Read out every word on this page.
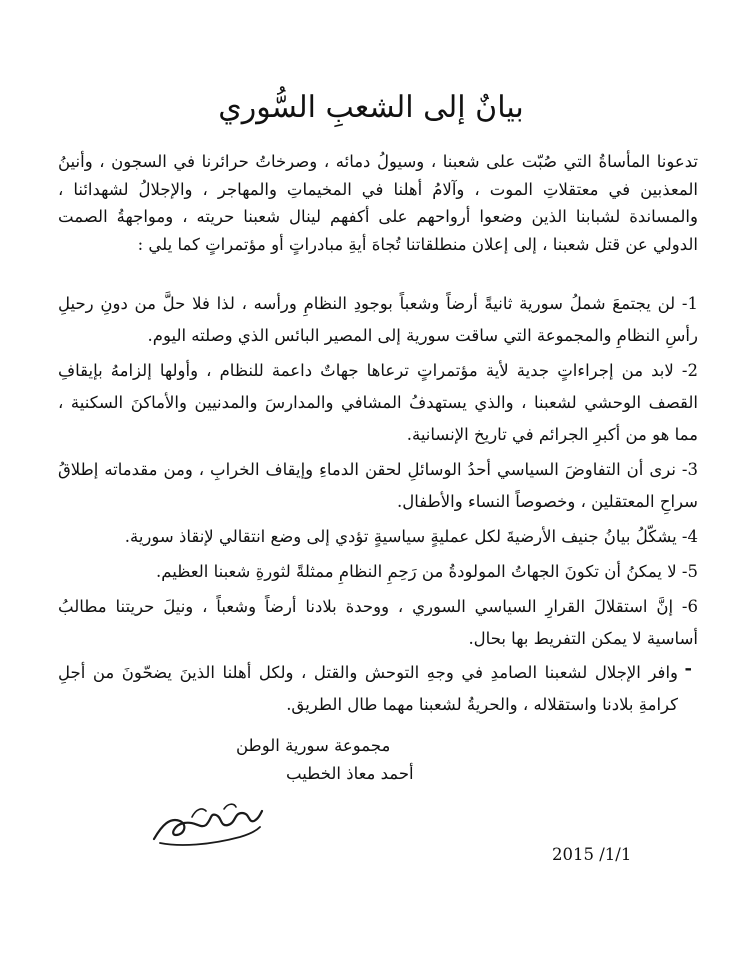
بيانٌ إلى الشعبِ السُّوري
تدعونا المأساةُ التي صُبّت على شعبنا ، وسيولُ دمائه ، وصرخاتُ حرائرنا في السجون ، وأنينُ المعذبين في معتقلاتِ الموت ، وآلامُ أهلنا في المخيماتِ والمهاجر ، والإجلالُ لشهدائنا ، والمساندة لشبابنا الذين وضعوا أرواحهم على أكفهم لينال شعبنا حريته ، ومواجهةُ الصمت الدولي عن قتل شعبنا ، إلى إعلان منطلقاتنا تُجاهَ أيةِ مبادراتٍ أو مؤتمراتٍ كما يلي :
1- لن يجتمعَ شملُ سورية ثانيةً أرضاً وشعباً بوجودِ النظامِ ورأسه ، لذا فلا حلَّ من دونِ رحيلِ رأسِ النظامِ والمجموعة التي ساقت سورية إلى المصير البائس الذي وصلته اليوم.
2- لابد من إجراءاتٍ جدية لأية مؤتمراتٍ ترعاها جهاتٌ داعمة للنظام ، وأولها إلزامهُ بإيقافِ القصف الوحشي لشعبنا ، والذي يستهدفُ المشافي والمدارسَ والمدنيين والأماكنَ السكنية ، مما هو من أكبرِ الجرائم في تاريخ الإنسانية.
3- نرى أن التفاوضَ السياسي أحدُ الوسائلِ لحقن الدماءِ وإيقاف الخرابِ ، ومن مقدماته إطلاقُ سراحِ المعتقلين ، وخصوصاً النساء والأطفال.
4- يشكّلُ بيانُ جنيف الأرضيةَ لكل عمليةٍ سياسيةٍ تؤدي إلى وضع انتقالي لإنقاذ سورية.
5- لا يمكنُ أن تكونَ الجهاتُ المولودةُ من رَحِمِ النظامِ ممثلةً لثورةِ شعبنا العظيم.
6- إنَّ استقلالَ القرارِ السياسي السوري ، ووحدة بلادنا أرضاً وشعباً ، ونيلَ حريتنا مطالبُ أساسية لا يمكن التفريط بها بحال.
-
وافر الإجلال لشعبنا الصامدِ في وجهِ التوحش والقتل ، ولكل أهلنا الذينَ يضحّونَ من أجلِ كرامةِ بلادنا واستقلاله ، والحريةُ لشعبنا مهما طال الطريق.
مجموعة سورية الوطن
أحمد معاذ الخطيب
2015 /1/1
